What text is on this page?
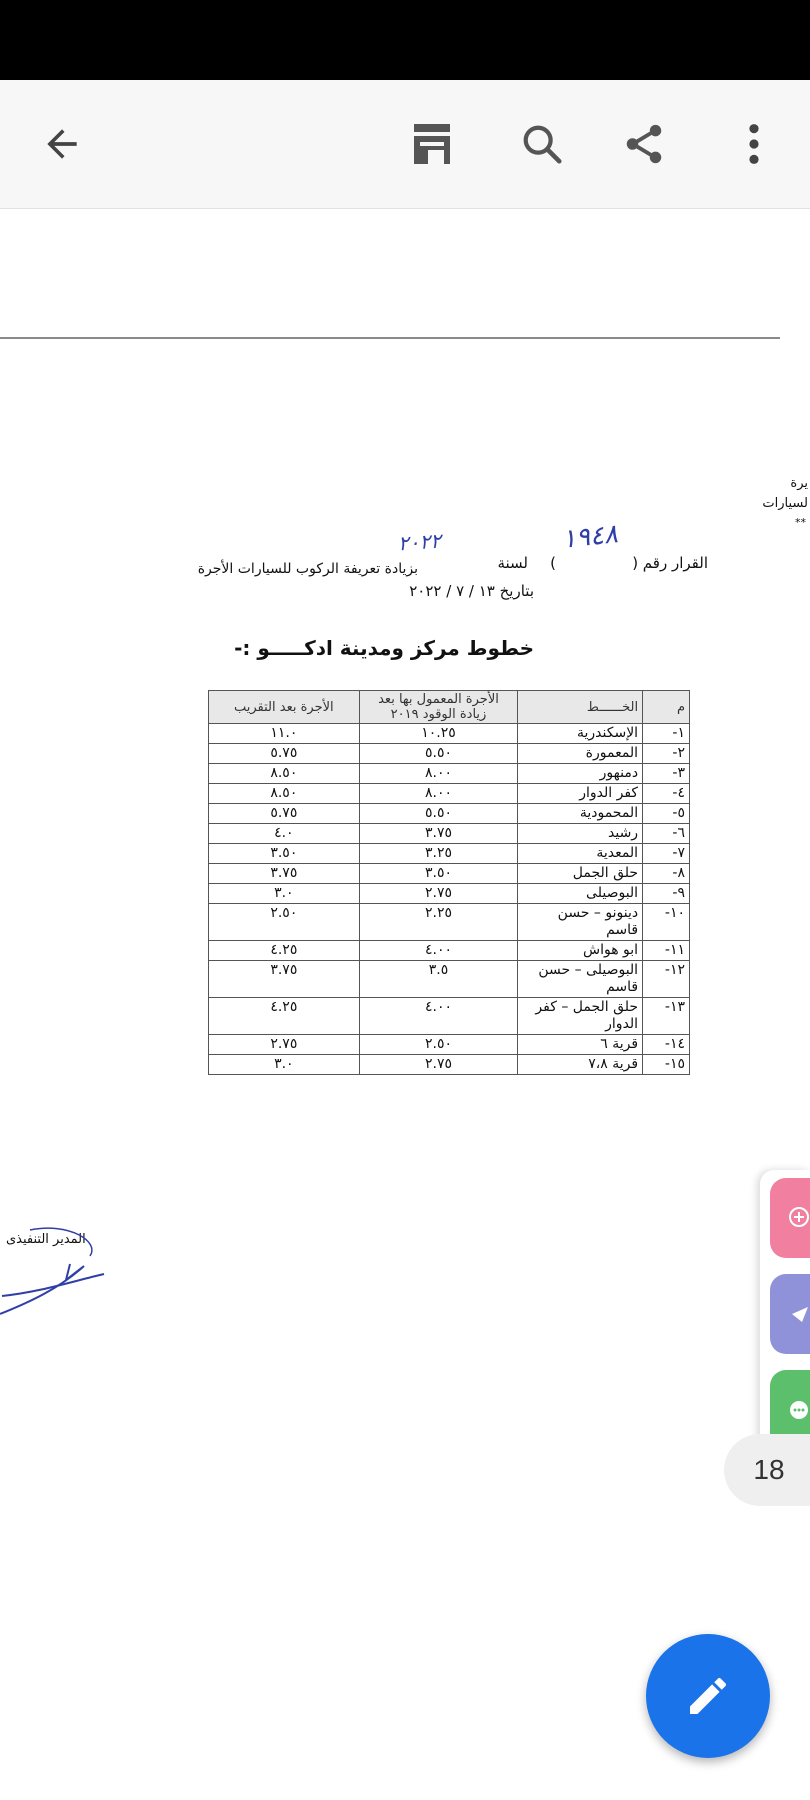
يرة
لسيارات
**
القرار رقم (
١٩٤٨
)
لسنة
٢٠٢٢
بزيادة تعريفة الركوب للسيارات الأجرة
بتاريخ ١٣ / ٧ / ٢٠٢٢
خطوط مركز ومدينة ادكـــــو :-
المدير التنفيذى
م	الخــــــط	الأجرة المعمول بها بعد زيادة الوقود ٢٠١٩	الأجرة بعد التقريب
١-	الإسكندرية	١٠.٢٥	١١.٠
٢-	المعمورة	٥.٥٠	٥.٧٥
٣-	دمنهور	٨.٠٠	٨.٥٠
٤-	كفر الدوار	٨.٠٠	٨.٥٠
٥-	المحمودية	٥.٥٠	٥.٧٥
٦-	رشيد	٣.٧٥	٤.٠
٧-	المعدية	٣.٢٥	٣.٥٠
٨-	حلق الجمل	٣.٥٠	٣.٧٥
٩-	البوصيلى	٢.٧٥	٣.٠
١٠-	دينونو – حسن قاسم	٢.٢٥	٢.٥٠
١١-	ابو هواش	٤.٠٠	٤.٢٥
١٢-	البوصيلى – حسن قاسم	٣.٥	٣.٧٥
١٣-	حلق الجمل – كفر الدوار	٤.٠٠	٤.٢٥
١٤-	قرية ٦	٢.٥٠	٢.٧٥
١٥-	قرية ٧،٨	٢.٧٥	٣.٠
18
